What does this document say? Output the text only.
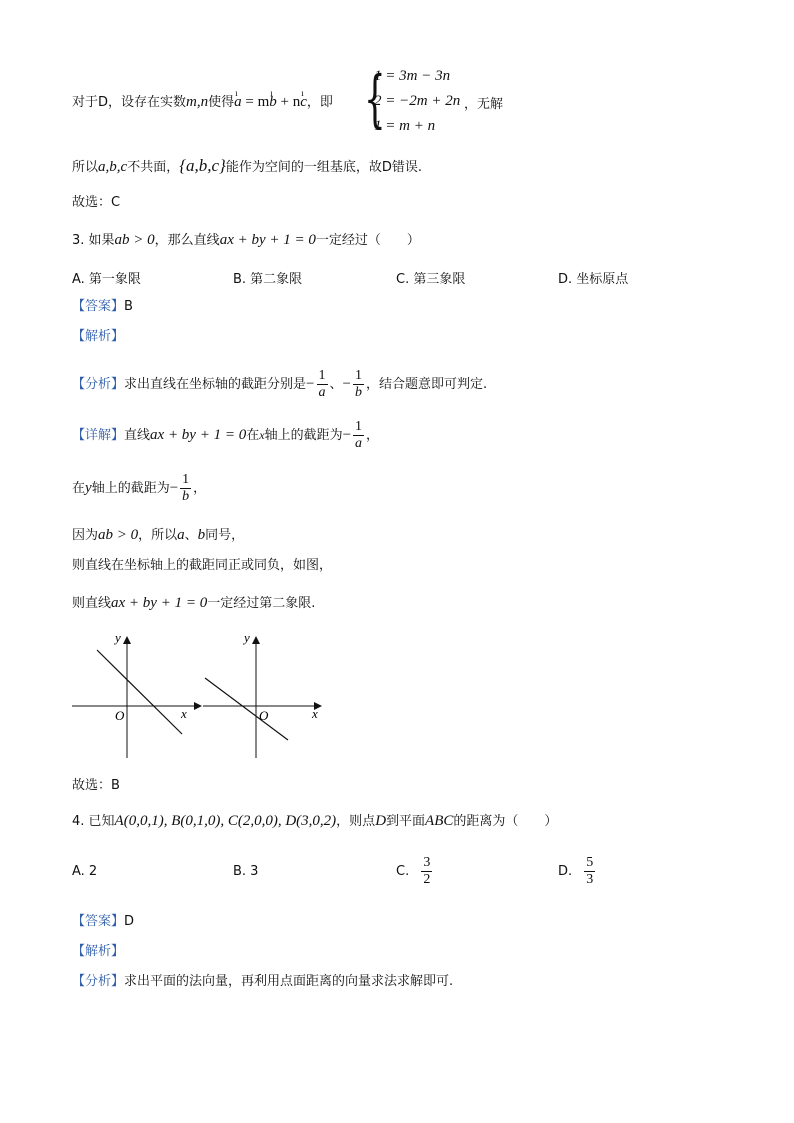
对于D，设存在实数m,n使得ı a = mı b + nı c，即 {
1 = 3m − 3n
2 = −2m + 2n
1 = m + n
，无解
所以a,b,c不共面，{a,b,c}能作为空间的一组基底，故D错误.
故选：C
3. 如果ab > 0，那么直线ax + by + 1 = 0一定经过（　　）
A. 第一象限	B. 第二象限	C. 第三象限	D. 坐标原点
【答案】B
【解析】
【分析】求出直线在坐标轴的截距分别是− $\frac{1}{a}$ 、− $\frac{1}{b}$ ，结合题意即可判定.
【详解】直线ax + by + 1 = 0在x轴上的截距为− $\frac{1}{a}$ ，
在y轴上的截距为− $\frac{1}{b}$ ，
因为ab > 0，所以a、b同号，
则直线在坐标轴上的截距同正或同负，如图，
则直线ax + by + 1 = 0一定经过第二象限.
y
x
O
y
x
O
故选：B
4. 已知A(0,0,1), B(0,1,0), C(2,0,0), D(3,0,2)，则点D到平面ABC的距离为（　　）
A. 2	B. 3	C. $\frac{3}{2}$	D. $\frac{5}{3}$
【答案】D
【解析】
【分析】求出平面的法向量，再利用点面距离的向量求法求解即可.
